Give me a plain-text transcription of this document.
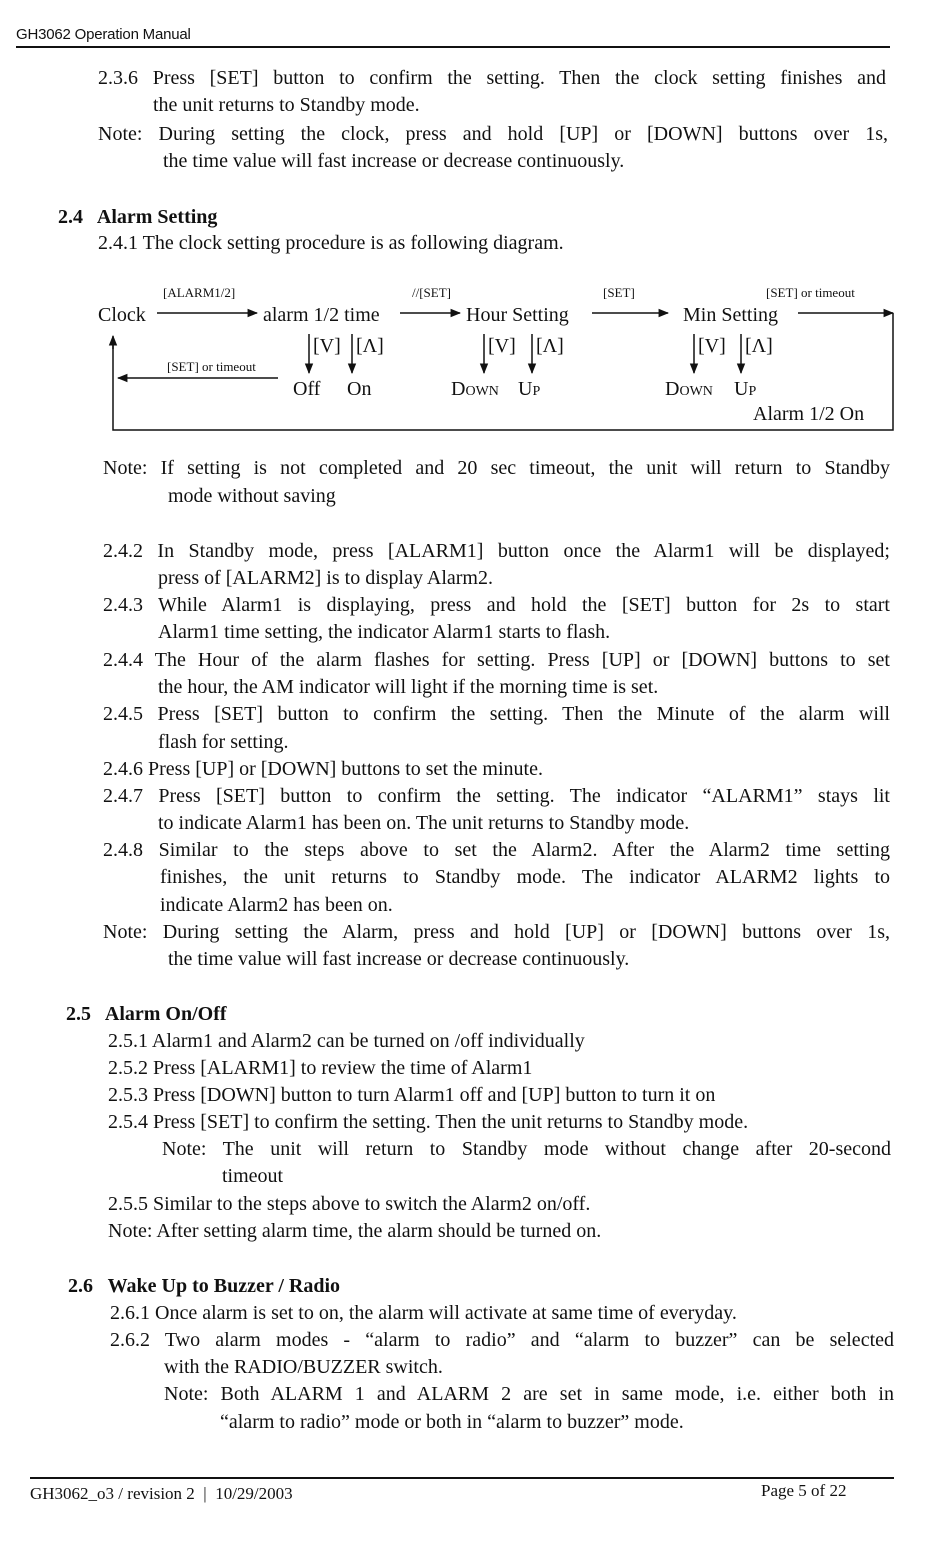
GH3062 Operation Manual
2.3.6 Press [SET] button to confirm the setting. Then the clock setting finishes and
the unit returns to Standby mode.
Note: During setting the clock, press and hold [UP] or [DOWN] buttons over 1s,
the time value will fast increase or decrease continuously.
2.4   Alarm Setting
2.4.1 The clock setting procedure is as following diagram.
[ALARM1/2]	//[SET]	[SET]	[SET] or timeout
[SET] or timeout
Clock	alarm 1/2 time	Hour Setting	Min Setting
[V] [Λ]	[V] [Λ]	[V] [Λ]
Off On	DOWN UP	DOWN UP
Alarm 1/2 On
Note: If setting is not completed and 20 sec timeout, the unit will return to Standby
mode without saving
2.4.2 In Standby mode, press [ALARM1] button once the Alarm1 will be displayed;
press of [ALARM2] is to display Alarm2.
2.4.3 While Alarm1 is displaying, press and hold the [SET] button for 2s to start
Alarm1 time setting, the indicator Alarm1 starts to flash.
2.4.4 The Hour of the alarm flashes for setting. Press [UP] or [DOWN] buttons to set
the hour, the AM indicator will light if the morning time is set.
2.4.5 Press [SET] button to confirm the setting. Then the Minute of the alarm will
flash for setting.
2.4.6 Press [UP] or [DOWN] buttons to set the minute.
2.4.7 Press [SET] button to confirm the setting. The indicator “ALARM1” stays lit
to indicate Alarm1 has been on. The unit returns to Standby mode.
2.4.8 Similar to the steps above to set the Alarm2. After the Alarm2 time setting
finishes, the unit returns to Standby mode. The indicator ALARM2 lights to
indicate Alarm2 has been on.
Note: During setting the Alarm, press and hold [UP] or [DOWN] buttons over 1s,
the time value will fast increase or decrease continuously.
2.5   Alarm On/Off
2.5.1 Alarm1 and Alarm2 can be turned on /off individually
2.5.2 Press [ALARM1] to review the time of Alarm1
2.5.3 Press [DOWN] button to turn Alarm1 off and [UP] button to turn it on
2.5.4 Press [SET] to confirm the setting. Then the unit returns to Standby mode.
Note: The unit will return to Standby mode without change after 20-second
timeout
2.5.5 Similar to the steps above to switch the Alarm2 on/off.
Note: After setting alarm time, the alarm should be turned on.
2.6   Wake Up to Buzzer / Radio
2.6.1 Once alarm is set to on, the alarm will activate at same time of everyday.
2.6.2 Two alarm modes - “alarm to radio” and “alarm to buzzer” can be selected
with the RADIO/BUZZER switch.
Note: Both ALARM 1 and ALARM 2 are set in same mode, i.e. either both in
“alarm to radio” mode or both in “alarm to buzzer” mode.
GH3062_o3 / revision 2  |  10/29/2003	Page 5 of 22
